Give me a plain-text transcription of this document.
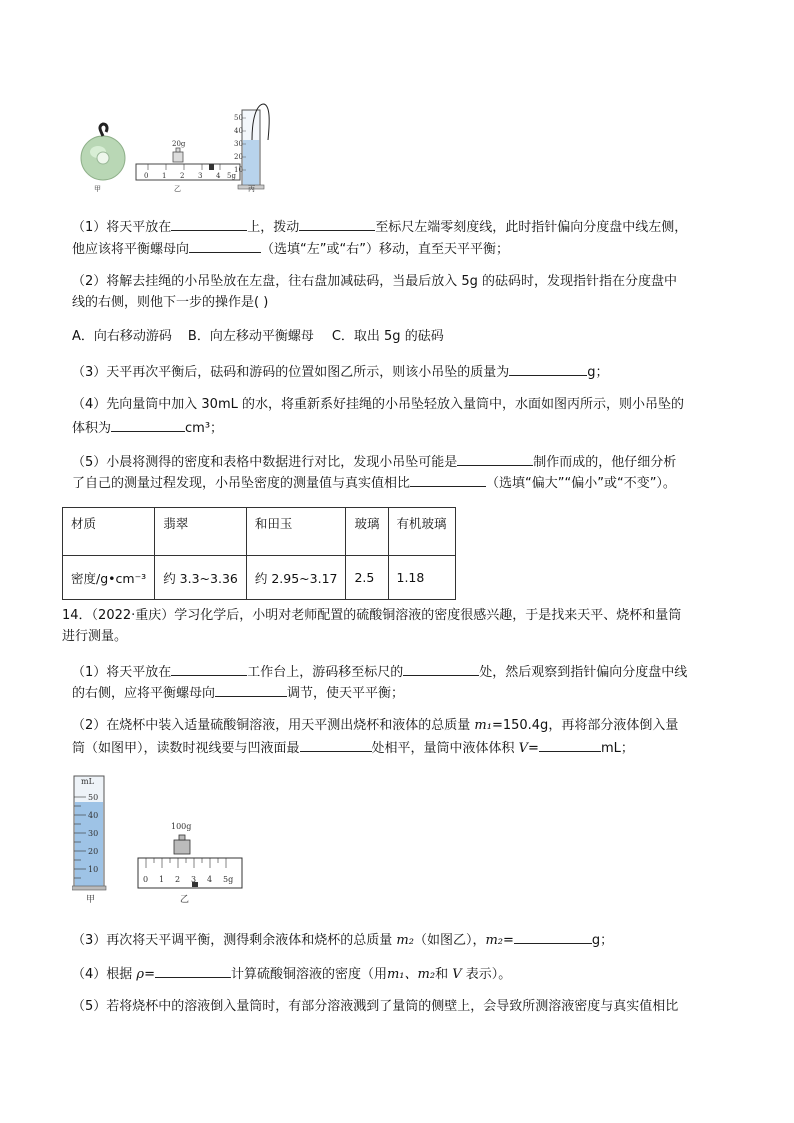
20g
0 1 2 3 4 5g
50
40
30
20
10
甲	乙	丙
（1）将天平放在	上，拨动	至标尺左端零刻度线，此时指针偏向分度盘中线左侧，
他应该将平衡螺母向	（选填“左”或“右”）移动，直至天平平衡；
（2）将解去挂绳的小吊坠放在左盘，往右盘加减砝码，当最后放入 5g 的砝码时，发现指针指在分度盘中
线的右侧，则他下一步的操作是( )
A．向右移动游码 B．向左移动平衡螺母 C．取出 5g 的砝码
（3）天平再次平衡后，砝码和游码的位置如图乙所示，则该小吊坠的质量为	g；
（4）先向量筒中加入 30mL 的水，将重新系好挂绳的小吊坠轻放入量筒中，水面如图丙所示，则小吊坠的
体积为	cm³；
（5）小晨将测得的密度和表格中数据进行对比，发现小吊坠可能是	制作而成的，他仔细分析
了自己的测量过程发现，小吊坠密度的测量值与真实值相比	（选填“偏大”“偏小”或“不变”）。
材质	翡翠	和田玉	玻璃	有机玻璃
密度/g•cm⁻³	约 3.3~3.36	约 2.95~3.17	2.5	1.18
14．（2022·重庆）学习化学后，小明对老师配置的硫酸铜溶液的密度很感兴趣，于是找来天平、烧杯和量筒
进行测量。
（1）将天平放在	工作台上，游码移至标尺的	处，然后观察到指针偏向分度盘中线
的右侧，应将平衡螺母向	调节，使天平平衡；
（2）在烧杯中装入适量硫酸铜溶液，用天平测出烧杯和液体的总质量 m₁=150.4g，再将部分液体倒入量
筒（如图甲），读数时视线要与凹液面最	处相平，量筒中液体体积 V=	mL；
mL
50
40
30
20
10
100g
0 1 2 3 4 5g
甲	乙
（3）再次将天平调平衡，测得剩余液体和烧杯的总质量 m₂（如图乙），m₂=	g；
（4）根据 ρ=	计算硫酸铜溶液的密度（用m₁、m₂和 V 表示）。
（5）若将烧杯中的溶液倒入量筒时，有部分溶液溅到了量筒的侧壁上，会导致所测溶液密度与真实值相比
